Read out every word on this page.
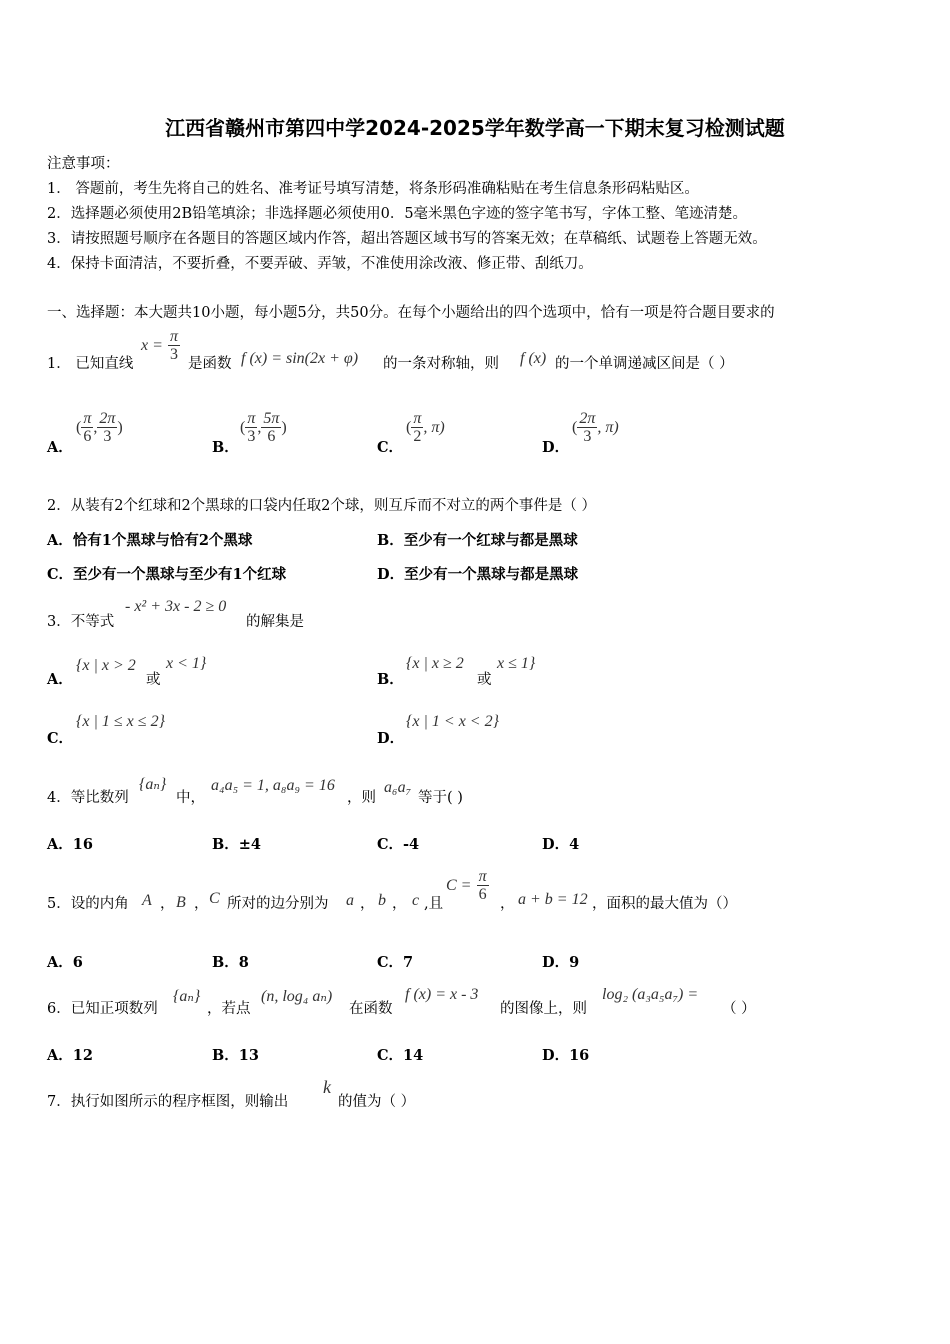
江西省赣州市第四中学2024-2025学年数学高一下期末复习检测试题
注意事项：
1． 答题前，考生先将自己的姓名、准考证号填写清楚，将条形码准确粘贴在考生信息条形码粘贴区。
2．选择题必须使用2B铅笔填涂；非选择题必须使用0．5毫米黑色字迹的签字笔书写，字体工整、笔迹清楚。
3．请按照题号顺序在各题目的答题区域内作答，超出答题区域书写的答案无效；在草稿纸、试题卷上答题无效。
4．保持卡面清洁，不要折叠，不要弄破、弄皱，不准使用涂改液、修正带、刮纸刀。
一、选择题：本大题共10小题，每小题5分，共50分。在每个小题给出的四个选项中，恰有一项是符合题目要求的
1． 已知直线
$x = \frac{\pi}{3}$
是函数 f (x) = sin(2x + φ) 的一条对称轴，则 f (x) 的一个单调递减区间是（ ）
A．
( $\frac{\pi}{6}$ , $\frac{2\pi}{3}$ )
B．
( $\frac{\pi}{3}$ , $\frac{5\pi}{6}$ )
C．
( $\frac{\pi}{2}$ , π)
D．
( $\frac{2\pi}{3}$ , π)
2．从装有2个红球和2个黑球的口袋内任取2个球，则互斥而不对立的两个事件是（ ）
A．恰有1个黑球与恰有2个黑球	B．至少有一个红球与都是黑球
C．至少有一个黑球与至少有1个红球	D．至少有一个黑球与都是黑球
3．不等式
- x² + 3x - 2 ≥ 0
的解集是
A．
{x | x > 2
或
x < 1}
B．
{x | x ≥ 2
或
x ≤ 1}
C．
{x | 1 ≤ x ≤ 2}
D．
{x | 1 < x < 2}
4．等比数列
{aₙ}
中，
a₄a₅ = 1, a₈a₉ = 16
，则
a₆a₇
等于( )
A．16	B．±4	C．-4	D．4
5．设的内角 A ， B ， C 所对的边分别为 a ， b ， c ,且
$C = \frac{\pi}{6}$
， a + b = 12 ，面积的最大值为（）
A．6	B．8	C．7	D．9
6．已知正项数列
{aₙ}
，若点
(n, log₄ aₙ)
在函数
f (x) = x - 3
的图像上，则
log₂ (a₃a₅a₇) =
（ ）
A．12	B．13	C．14	D．16
7．执行如图所示的程序框图，则输出
k
的值为（ ）
